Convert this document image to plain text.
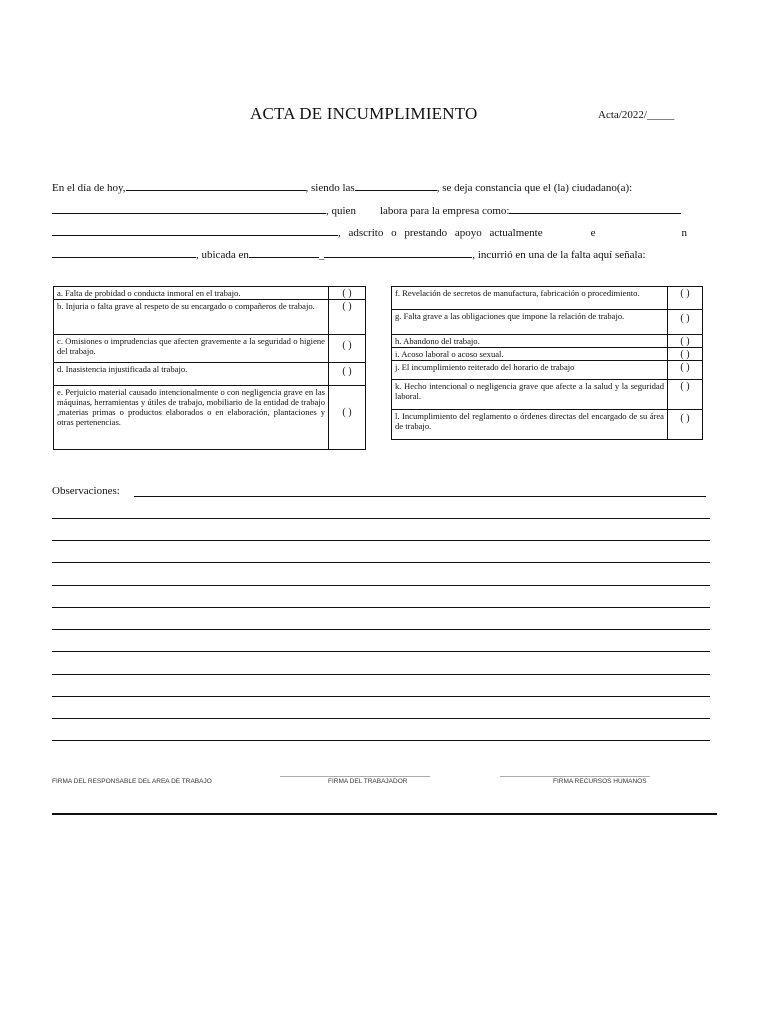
ACTA DE INCUMPLIMIENTO	Acta/2022/_____
En el día de hoy,	, siendo las	, se deja constancia que el (la) ciudadano(a):
, quien labora para la empresa como:
, adscrito o prestando apoyo actualmente	e	n
, ubicada en	_	, incurrió en una de la falta aquí señala:
a. Falta de probidad o conducta inmoral en el trabajo.	( )
b. Injuria o falta grave al respeto de su encargado o compañeros de trabajo.	( )
c. Omisiones o imprudencias que afecten gravemente a la seguridad o higiene del trabajo.	( )
d. Inasistencia injustificada al trabajo.	( )
e. Perjuicio material causado intencionalmente o con negligencia grave en las máquinas, herramientas y útiles de trabajo, mobiliario de la entidad de trabajo ,materias primas o productos elaborados o en elaboración, plantaciones y otras pertenencias.	( )
f. Revelación de secretos de manufactura, fabricación o procedimiento.	( )
g. Falta grave a las obligaciones que impone la relación de trabajo.	( )
h. Abandono del trabajo.	( )
i. Acoso laboral o acoso sexual.	( )
j. El incumplimiento reiterado del horario de trabajo	( )
k. Hecho intencional o negligencia grave que afecte a la salud y la seguridad laboral.	( )
l. Incumplimiento del reglamento o órdenes directas del encargado de su área de trabajo.	( )
Observaciones:
FIRMA DEL RESPONSABLE DEL AREA DE TRABAJO	FIRMA DEL TRABAJADOR	FIRMA RECURSOS HUMANOS
